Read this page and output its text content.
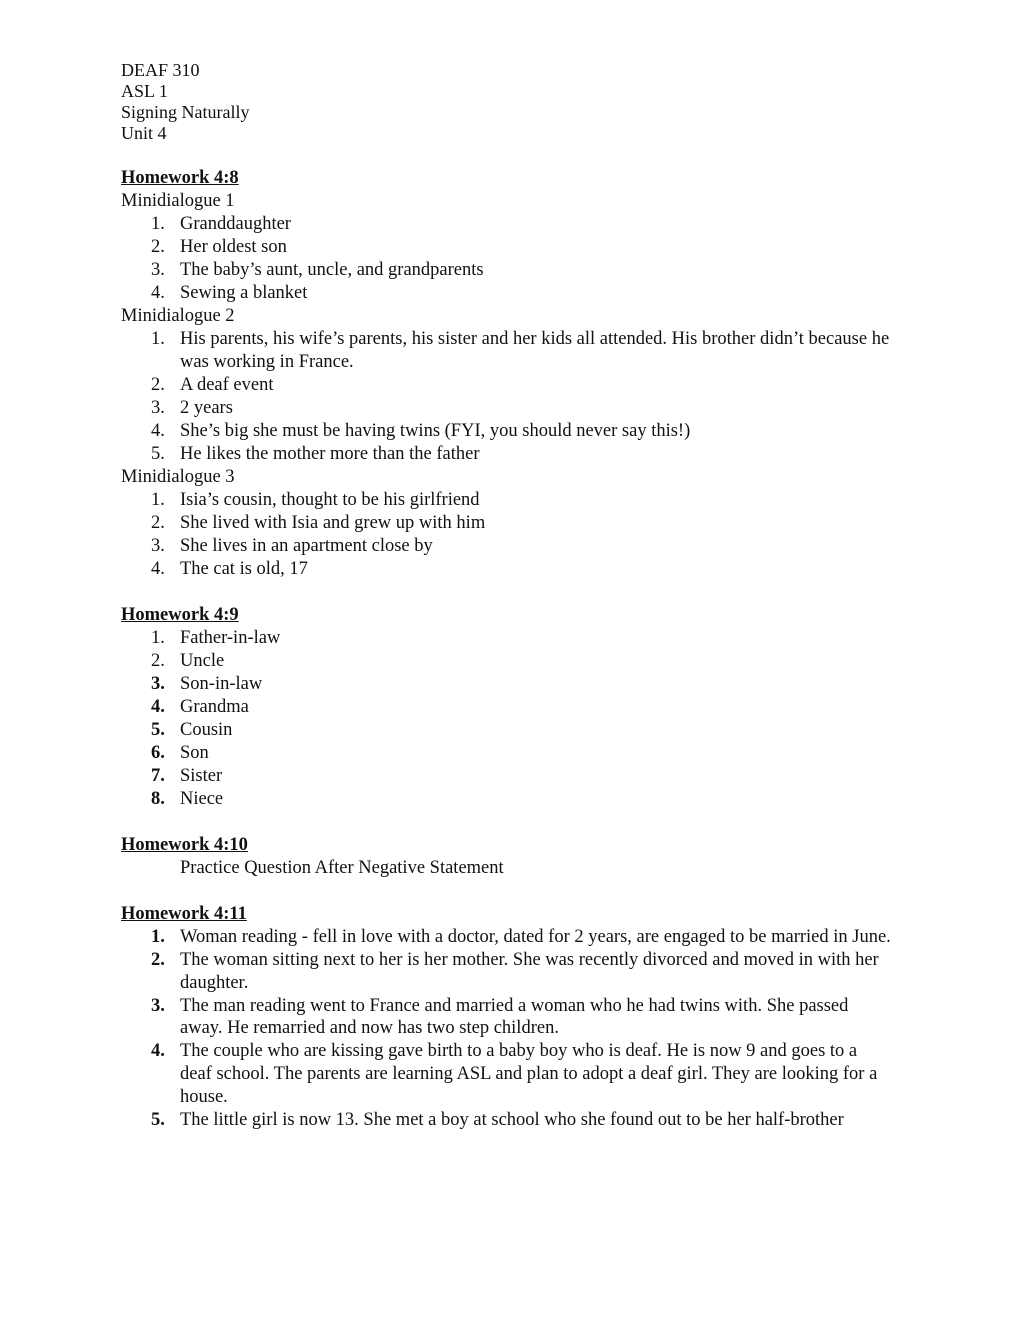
DEAF 310
ASL 1
Signing Naturally
Unit 4
Homework 4:8
Minidialogue 1
1. Granddaughter
2. Her oldest son
3. The baby’s aunt, uncle, and grandparents
4. Sewing a blanket
Minidialogue 2
1. His parents, his wife’s parents, his sister and her kids all attended. His brother didn’t because he was working in France.
2. A deaf event
3. 2 years
4. She’s big she must be having twins (FYI, you should never say this!)
5. He likes the mother more than the father
Minidialogue 3
1. Isia’s cousin, thought to be his girlfriend
2. She lived with Isia and grew up with him
3. She lives in an apartment close by
4. The cat is old, 17
Homework 4:9
1. Father-in-law
2. Uncle
3. Son-in-law
4. Grandma
5. Cousin
6. Son
7. Sister
8. Niece
Homework 4:10
Practice Question After Negative Statement
Homework 4:11
1. Woman reading - fell in love with a doctor, dated for 2 years, are engaged to be married in June.
2. The woman sitting next to her is her mother. She was recently divorced and moved in with her daughter.
3. The man reading went to France and married a woman who he had twins with. She passed away. He remarried and now has two step children.
4. The couple who are kissing gave birth to a baby boy who is deaf. He is now 9 and goes to a deaf school. The parents are learning ASL and plan to adopt a deaf girl. They are looking for a house.
5. The little girl is now 13. She met a boy at school who she found out to be her half-brother
